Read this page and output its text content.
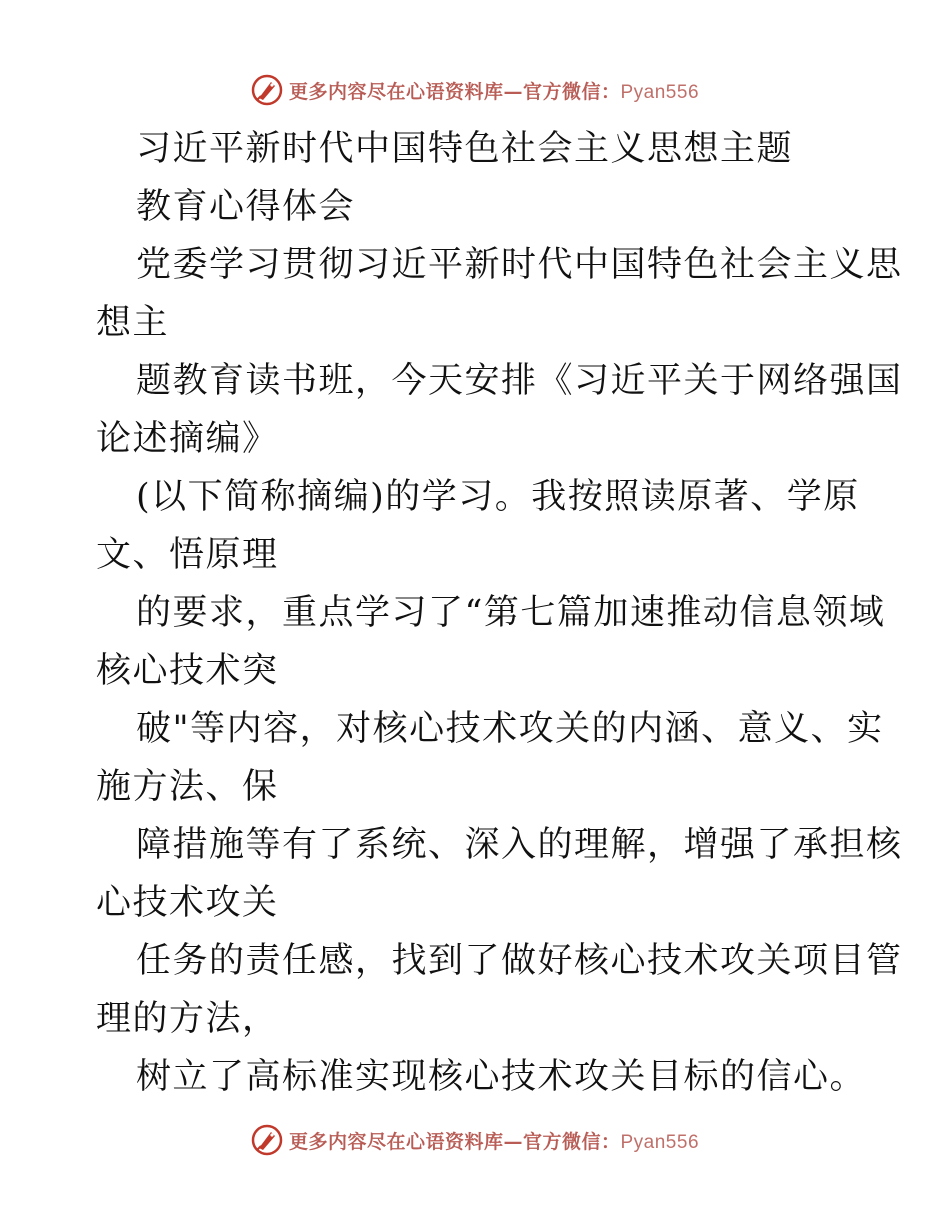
更多内容尽在心语资料库—官方微信：Pyan556
习近平新时代中国特色社会主义思想主题
教育心得体会
党委学习贯彻习近平新时代中国特色社会主义思
想主
题教育读书班，今天安排《习近平关于网络强国
论述摘编》
(以下简称摘编)的学习。我按照读原著、学原
文、悟原理
的要求，重点学习了“第七篇加速推动信息领域
核心技术突
破"等内容，对核心技术攻关的内涵、意义、实
施方法、保
障措施等有了系统、深入的理解，增强了承担核
心技术攻关
任务的责任感，找到了做好核心技术攻关项目管
理的方法，
树立了高标准实现核心技术攻关目标的信心。
更多内容尽在心语资料库—官方微信：Pyan556
